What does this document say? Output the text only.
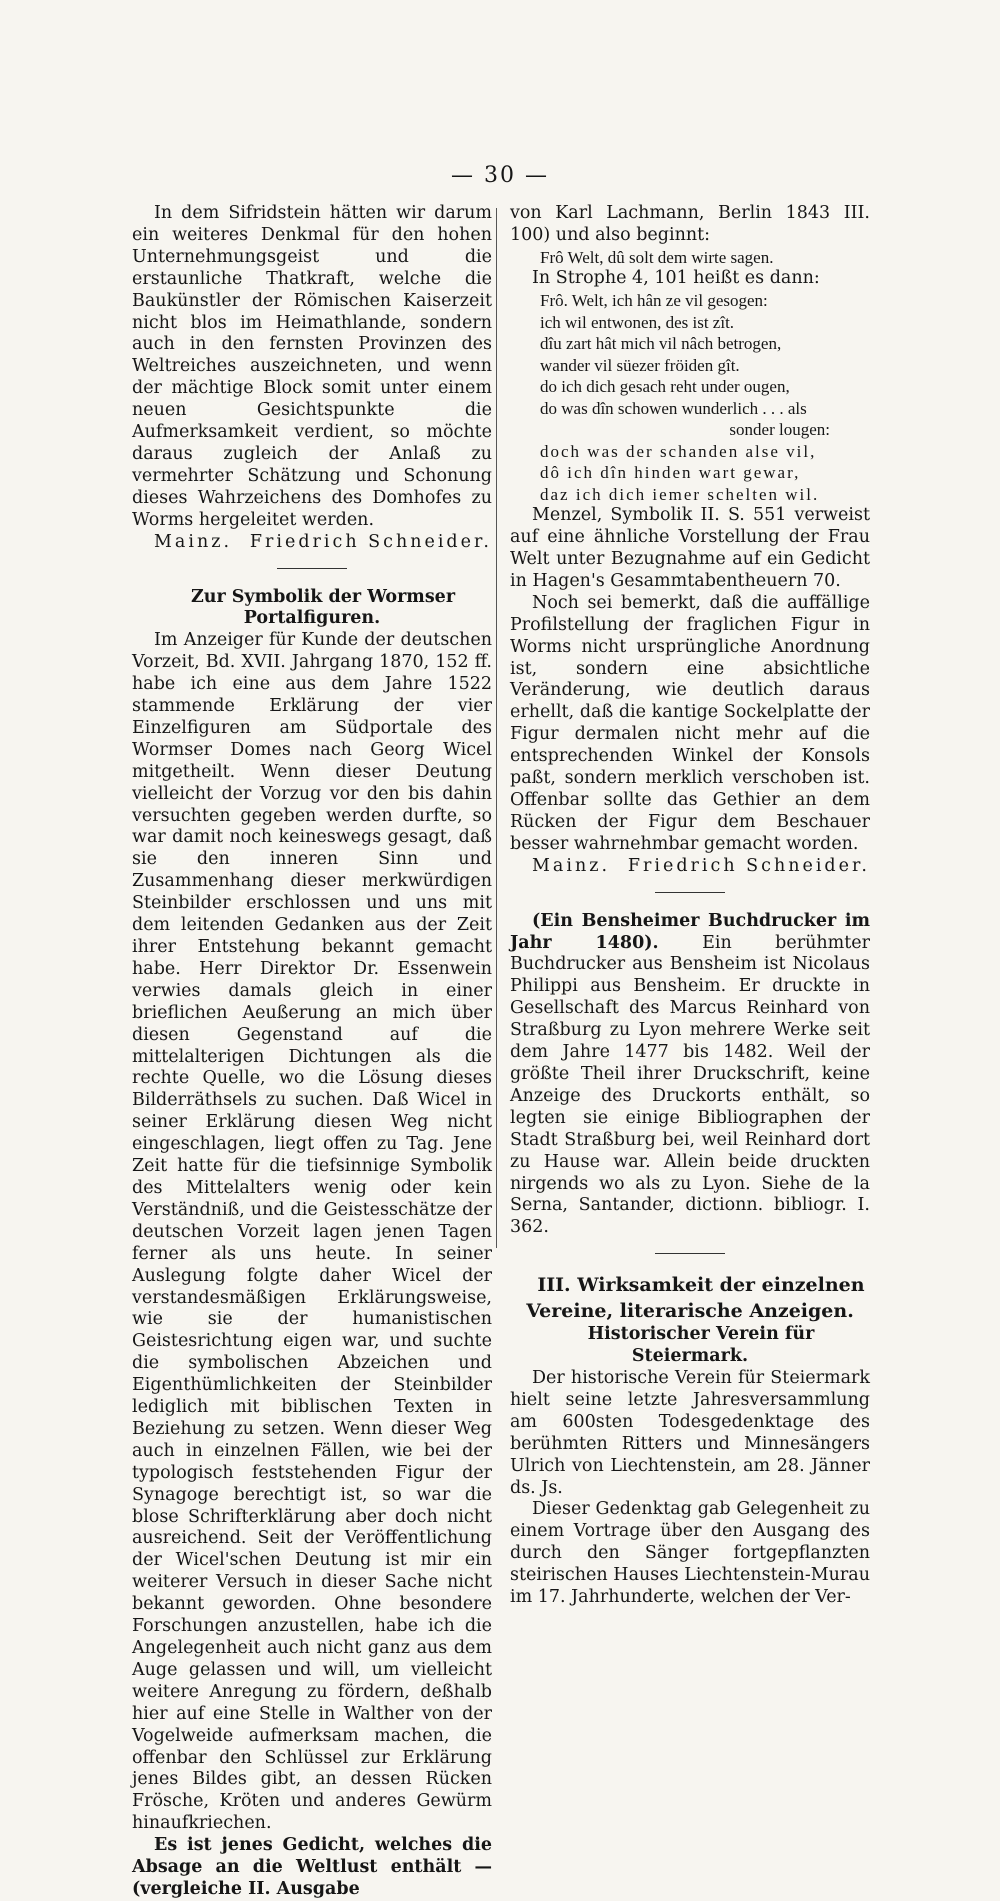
— 30 —

In dem Sifridstein hätten wir darum ein weiteres Denkmal für den hohen Unternehmungsgeist und die erstaunliche Thatkraft, welche die Baukünstler der Römischen Kaiserzeit nicht blos im Heimathlande, sondern auch in den fernsten Provinzen des Weltreiches auszeichneten, und wenn der mächtige Block somit unter einem neuen Gesichtspunkte die Aufmerksamkeit verdient, so möchte daraus zugleich der Anlaß zu vermehrter Schätzung und Schonung dieses Wahrzeichens des Domhofes zu Worms hergeleitet werden.

Mainz. Friedrich Schneider.

Zur Symbolik der Wormser Portalfiguren.

Im Anzeiger für Kunde der deutschen Vorzeit, Bd. XVII. Jahrgang 1870, 152 ff. habe ich eine aus dem Jahre 1522 stammende Erklärung der vier Einzelfiguren am Südportale des Wormser Domes nach Georg Wicel mitgetheilt. Wenn dieser Deutung vielleicht der Vorzug vor den bis dahin versuchten gegeben werden durfte, so war damit noch keineswegs gesagt, daß sie den inneren Sinn und Zusammenhang dieser merkwürdigen Steinbilder erschlossen und uns mit dem leitenden Gedanken aus der Zeit ihrer Entstehung bekannt gemacht habe. Herr Direktor Dr. Essenwein verwies damals gleich in einer brieflichen Aeußerung an mich über diesen Gegenstand auf die mittelalterigen Dichtungen als die rechte Quelle, wo die Lösung dieses Bilderräthsels zu suchen. Daß Wicel in seiner Erklärung diesen Weg nicht eingeschlagen, liegt offen zu Tag. Jene Zeit hatte für die tiefsinnige Symbolik des Mittelalters wenig oder kein Verständniß, und die Geistesschätze der deutschen Vorzeit lagen jenen Tagen ferner als uns heute. In seiner Auslegung folgte daher Wicel der verstandesmäßigen Erklärungsweise, wie sie der humanistischen Geistesrichtung eigen war, und suchte die symbolischen Abzeichen und Eigenthümlichkeiten der Steinbilder lediglich mit biblischen Texten in Beziehung zu setzen. Wenn dieser Weg auch in einzelnen Fällen, wie bei der typologisch feststehenden Figur der Synagoge berechtigt ist, so war die blose Schrifterklärung aber doch nicht ausreichend. Seit der Veröffentlichung der Wicel'schen Deutung ist mir ein weiterer Versuch in dieser Sache nicht bekannt geworden. Ohne besondere Forschungen anzustellen, habe ich die Angelegenheit auch nicht ganz aus dem Auge gelassen und will, um vielleicht weitere Anregung zu fördern, deßhalb hier auf eine Stelle in Walther von der Vogelweide aufmerksam machen, die offenbar den Schlüssel zur Erklärung jenes Bildes gibt, an dessen Rücken Frösche, Kröten und anderes Gewürm hinaufkriechen.

Es ist jenes Gedicht, welches die Absage an die Weltlust enthält — (vergleiche II. Ausgabe

von Karl Lachmann, Berlin 1843 III. 100) und also beginnt:

Frô Welt, dû solt dem wirte sagen.

In Strophe 4, 101 heißt es dann:

Frô. Welt, ich hân ze vil gesogen:
ich wil entwonen, des ist zît.
dîu zart hât mich vil nâch betrogen,
wander vil süezer fröiden gît.
do ich dich gesach reht under ougen,
do was dîn schowen wunderlich . . . als
sonder lougen:
doch was der schanden alse vil,
dô ich dîn hinden wart gewar,
daz ich dich iemer schelten wil.

Menzel, Symbolik II. S. 551 verweist auf eine ähnliche Vorstellung der Frau Welt unter Bezugnahme auf ein Gedicht in Hagen's Gesammtabentheuern 70.

Noch sei bemerkt, daß die auffällige Profilstellung der fraglichen Figur in Worms nicht ursprüngliche Anordnung ist, sondern eine absichtliche Veränderung, wie deutlich daraus erhellt, daß die kantige Sockelplatte der Figur dermalen nicht mehr auf die entsprechenden Winkel der Konsols paßt, sondern merklich verschoben ist. Offenbar sollte das Gethier an dem Rücken der Figur dem Beschauer besser wahrnehmbar gemacht worden.

Mainz. Friedrich Schneider.

(Ein Bensheimer Buchdrucker im Jahr 1480). Ein berühmter Buchdrucker aus Bensheim ist Nicolaus Philippi aus Bensheim. Er druckte in Gesellschaft des Marcus Reinhard von Straßburg zu Lyon mehrere Werke seit dem Jahre 1477 bis 1482. Weil der größte Theil ihrer Druckschrift, keine Anzeige des Druckorts enthält, so legten sie einige Bibliographen der Stadt Straßburg bei, weil Reinhard dort zu Hause war. Allein beide druckten nirgends wo als zu Lyon. Siehe de la Serna, Santander, dictionn. bibliogr. I. 362.

III. Wirksamkeit der einzelnen Vereine, literarische Anzeigen.

Historischer Verein für Steiermark.

Der historische Verein für Steiermark hielt seine letzte Jahresversammlung am 600sten Todesgedenktage des berühmten Ritters und Minnesängers Ulrich von Liechtenstein, am 28. Jänner ds. Js.

Dieser Gedenktag gab Gelegenheit zu einem Vortrage über den Ausgang des durch den Sänger fortgepflanzten steirischen Hauses Liechtenstein-Murau im 17. Jahrhunderte, welchen der Ver-
